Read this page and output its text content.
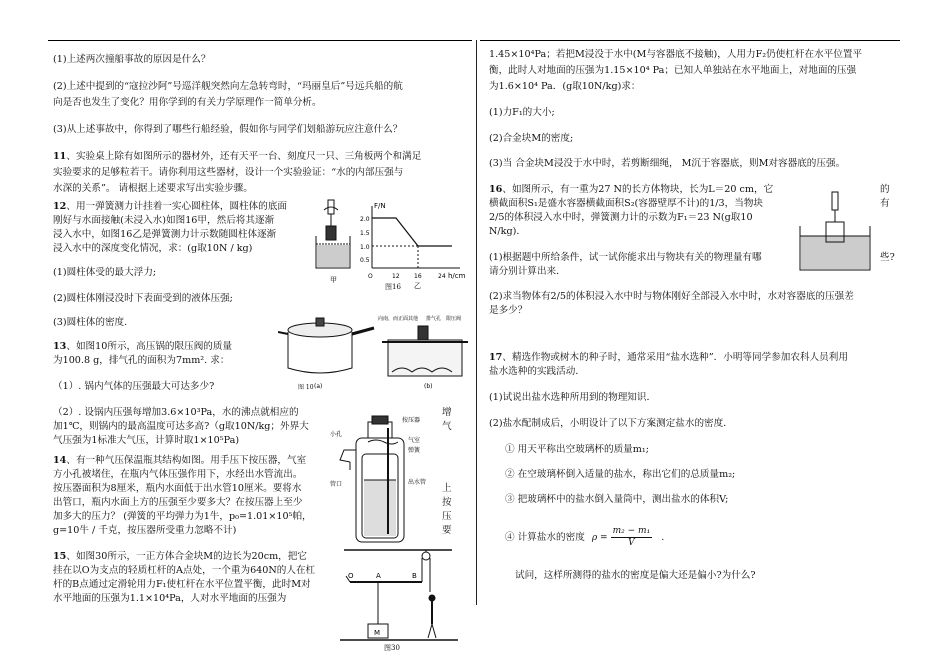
(1)上述两次撞船事故的原因是什么？

(2)上述中提到的“寇拉沙阿”号巡洋舰突然向左急转弯时，“玛丽皇后”号远兵船的航

向是否也发生了变化？用你学到的有关力学原理作一简单分析。

(3)从上述事故中，你得到了哪些行船经验，假如你与同学们划船游玩应注意什么？

11、实验桌上除有如图所示的器材外，还有天平一台、刻度尺一只、三角板两个和满足

实验要求的足够粒若干。请你利用这些器材，设计一个实验验证：“水的内部压强与

水深的关系”。 请根据上述要求写出实验步骤。

12、用一弹簧测力计挂着一实心圆柱体，圆柱体的底面

刚好与水面接触(未浸入水)如图16甲，然后将其逐渐

浸入水中，如图16乙是弹簧测力计示数随圆柱体逐渐

浸入水中的深度变化情况，求：(g取10N / kg)

(1)圆柱体受的最大浮力;

(2)圆柱体刚浸没时下表面受到的液体压强;

(3)圆柱体的密度.

甲
F/N
h/cm
2.0
1.5
1.0
0.5
O	12 16	24
乙

图16

13、如图10所示，高压锅的限压阀的质量

为100.8 g，排气孔的面积为7mm². 求：

（1）. 锅内气体的压强最大可达多少?

（2）. 设锅内压强每增加3.6×10³Pa，水的沸点就相应的

加1℃，则锅内的最高温度可达多高?（g取10N/kg；外界大

气压强为1标准大气压，计算时取1×10⁵Pa)

(a)
向南，而正面其他 排气孔 限压阀
(b)

图 10

14、有一种气压保温瓶其结构如图。用手压下按压器，气室

方小孔被堵住，在瓶内气体压强作用下，水经出水管流出。

按压器面积为8厘米，瓶内水面低于出水管10厘米。要将水

出管口，瓶内水面上方的压强至少要多大？在按压器上至少

加多大的压力？ (弹簧的平均弹力为1牛，p₀=1.01×10⁵帕，

g=10牛 / 千克，按压器所受重力忽略不计)

增

气

上

按

压

要

按压器
小孔
气室
弹簧
管口	出水管

15、如图30所示，一正方体合金块M的边长为20cm，把它

挂在以O为支点的轻质杠杆的A点处，一个重为640N的人在杠

杆的B点通过定滑轮用力F₁使杠杆在水平位置平衡，此时M对

水平地面的压强为1.1×10⁴Pa，人对水平地面的压强为

O	A	B
M

图30

1.45×10⁴Pa；若把M浸没于水中(M与容器底不接触)，人用力F₂仍使杠杆在水平位置平

衡，此时人对地面的压强为1.15×10⁴ Pa；已知人单独站在水平地面上，对地面的压强

为1.6×10⁴ Pa．(g取10N/kg)求：

(1)力F₁的大小;

(2)合金块M的密度;

(3)当 合金块M浸没于水中时，若剪断细绳， M沉于容器底，则M对容器底的压强。

16、如图所示，有一重为27 N的长方体物块，长为L＝20 cm，它

横截面积S₁是盛水容器横截面积S₂(容器壁厚不计)的1/3，当物块

2/5的体积浸入水中时，弹簧测力计的示数为F₁＝23 N(g取10

N/kg)．

的

有

些?

(1)根据题中所给条件，试一试你能求出与物块有关的物理量有哪

请分别计算出来．

(2)求当物体有2/5的体积浸入水中时与物体刚好全部浸入水中时，水对容器底的压强差

是多少？

17、精选作物或树木的种子时，通常采用“盐水选种”．小明等同学参加农科人员利用

盐水选种的实践活动．

(1)试说出盐水选种所用到的物理知识．

(2)盐水配制成后，小明设计了以下方案测定盐水的密度．

① 用天平称出空玻璃杯的质量m₁;

② 在空玻璃杯倒入适量的盐水，称出它们的总质量m₂;

③ 把玻璃杯中的盐水倒入量筒中，测出盐水的体积V;

④ 计算盐水的密度 $\rho = \frac{\text{m₂ − m₁}}{V}$ .

试问，这样所测得的盐水的密度是偏大还是偏小?为什么?
